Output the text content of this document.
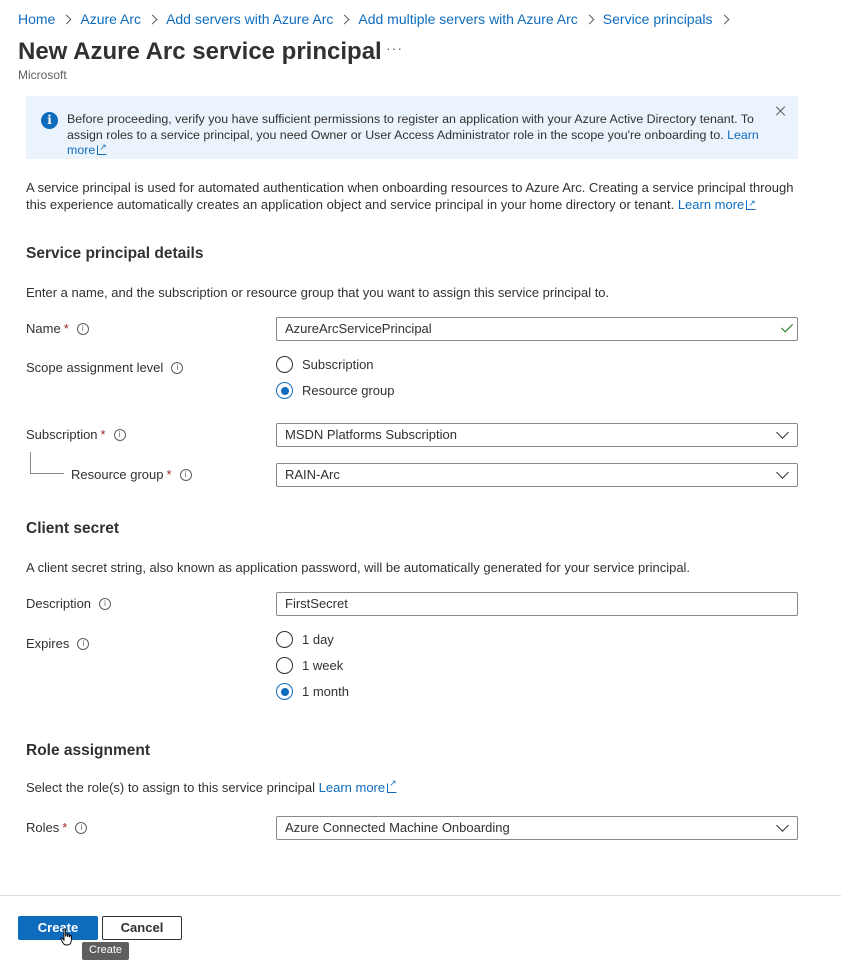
Home Azure Arc Add servers with Azure Arc Add multiple servers with Azure Arc Service principals
New Azure Arc service principal ···
Microsoft
i	Before proceeding, verify you have sufficient permissions to register an application with your Azure Active Directory tenant. To assign roles to a service principal, you need Owner or User Access Administrator role in the scope you're onboarding to. Learn more↗
A service principal is used for automated authentication when onboarding resources to Azure Arc. Creating a service principal through this experience automatically creates an application object and service principal in your home directory or tenant. Learn more↗
Service principal details
Enter a name, and the subscription or resource group that you want to assign this service principal to.
Name *	i	AzureArcServicePrincipal
Scope assignment level	i	Subscription
Resource group
Subscription *	i	MSDN Platforms Subscription
Resource group *	i	RAIN-Arc
Client secret
A client secret string, also known as application password, will be automatically generated for your service principal.
Description	i	FirstSecret
Expires	i	1 day
1 week
1 month
Role assignment
Select the role(s) to assign to this service principal Learn more↗
Roles *	i	Azure Connected Machine Onboarding
Create	Cancel
Create
